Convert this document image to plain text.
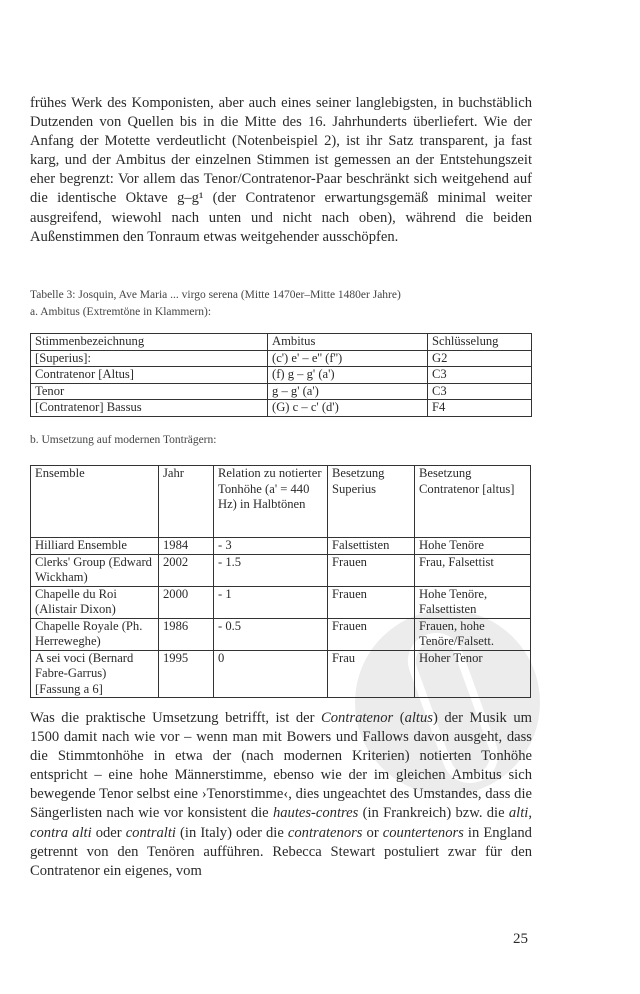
frühes Werk des Komponisten, aber auch eines seiner langlebigsten, in buchstäblich Dutzenden von Quellen bis in die Mitte des 16. Jahrhunderts überliefert. Wie der Anfang der Motette verdeutlicht (Notenbeispiel 2), ist ihr Satz transparent, ja fast karg, und der Ambitus der einzelnen Stimmen ist gemessen an der Entstehungszeit eher begrenzt: Vor allem das Tenor/Contratenor-Paar beschränkt sich weitgehend auf die identische Oktave g–g¹ (der Contratenor erwartungsgemäß minimal weiter ausgreifend, wiewohl nach unten und nicht nach oben), während die beiden Außenstimmen den Tonraum etwas weitgehender ausschöpfen.
Tabelle 3: Josquin, Ave Maria ... virgo serena (Mitte 1470er–Mitte 1480er Jahre)
a. Ambitus (Extremtöne in Klammern):
Stimmenbezeichnung	Ambitus	Schlüsselung
[Superius]:	(c') e' – e'' (f'')	G2
Contratenor [Altus]	(f) g – g' (a')	C3
Tenor	g – g' (a')	C3
[Contratenor] Bassus	(G) c – c' (d')	F4
b. Umsetzung auf modernen Tonträgern:
Ensemble	Jahr	Relation zu notierter Tonhöhe (a' = 440 Hz) in Halbtönen	Besetzung Superius	Besetzung Contratenor [altus]
Hilliard Ensemble	1984	- 3	Falsettisten	Hohe Tenöre
Clerks' Group (Edward Wickham)	2002	- 1.5	Frauen	Frau, Falsettist
Chapelle du Roi (Alistair Dixon)	2000	- 1	Frauen	Hohe Tenöre, Falsettisten
Chapelle Royale (Ph. Herreweghe)	1986	- 0.5	Frauen	Frauen, hohe Tenöre/Falsett.
A sei voci (Bernard Fabre-Garrus) [Fassung a 6]	1995	0	Frau	Hoher Tenor
Was die praktische Umsetzung betrifft, ist der Contratenor (altus) der Musik um 1500 damit nach wie vor – wenn man mit Bowers und Fallows davon ausgeht, dass die Stimmtonhöhe in etwa der (nach modernen Kriterien) notierten Tonhöhe entspricht – eine hohe Männerstimme, ebenso wie der im gleichen Ambitus sich bewegende Tenor selbst eine ›Tenorstimme‹, dies ungeachtet des Umstandes, dass die Sängerlisten nach wie vor konsistent die hautes-contres (in Frankreich) bzw. die alti, contra alti oder contralti (in Italy) oder die contratenors or countertenors in England getrennt von den Tenören aufführen. Rebecca Stewart postuliert zwar für den Contratenor ein eigenes, vom
25
